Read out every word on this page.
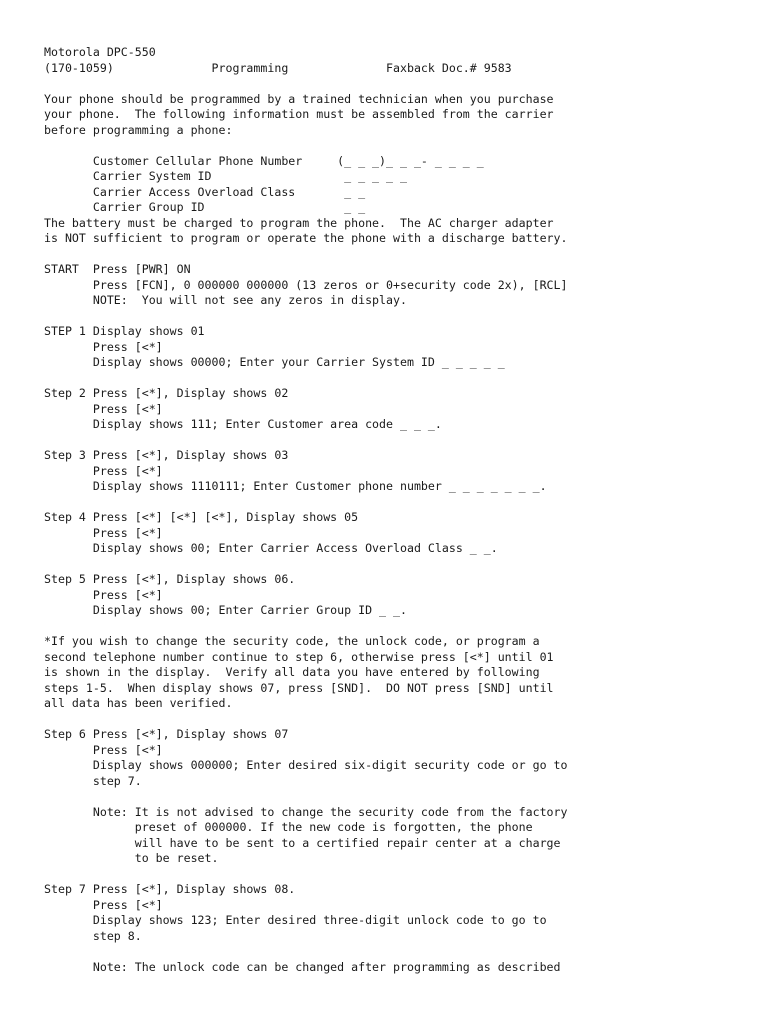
Motorola DPC-550
(170-1059)              Programming              Faxback Doc.# 9583
Your phone should be programmed by a trained technician when you purchase
your phone.  The following information must be assembled from the carrier
before programming a phone:
Customer Cellular Phone Number     (_ _ _)_ _ _- _ _ _ _
Carrier System ID                   _ _ _ _ _
Carrier Access Overload Class       _ _
Carrier Group ID                    _ _
The battery must be charged to program the phone.  The AC charger adapter
is NOT sufficient to program or operate the phone with a discharge battery.
START  Press [PWR] ON
Press [FCN], 0 000000 000000 (13 zeros or 0+security code 2x), [RCL]
NOTE:  You will not see any zeros in display.
STEP 1 Display shows 01
Press [<*]
Display shows 00000; Enter your Carrier System ID _ _ _ _ _
Step 2 Press [<*], Display shows 02
Press [<*]
Display shows 111; Enter Customer area code _ _ _.
Step 3 Press [<*], Display shows 03
Press [<*]
Display shows 1110111; Enter Customer phone number _ _ _ _ _ _ _.
Step 4 Press [<*] [<*] [<*], Display shows 05
Press [<*]
Display shows 00; Enter Carrier Access Overload Class _ _.
Step 5 Press [<*], Display shows 06.
Press [<*]
Display shows 00; Enter Carrier Group ID _ _.
*If you wish to change the security code, the unlock code, or program a
second telephone number continue to step 6, otherwise press [<*] until 01
is shown in the display.  Verify all data you have entered by following
steps 1-5.  When display shows 07, press [SND].  DO NOT press [SND] until
all data has been verified.
Step 6 Press [<*], Display shows 07
Press [<*]
Display shows 000000; Enter desired six-digit security code or go to
step 7.
Note: It is not advised to change the security code from the factory
preset of 000000. If the new code is forgotten, the phone
will have to be sent to a certified repair center at a charge
to be reset.
Step 7 Press [<*], Display shows 08.
Press [<*]
Display shows 123; Enter desired three-digit unlock code to go to
step 8.
Note: The unlock code can be changed after programming as described
